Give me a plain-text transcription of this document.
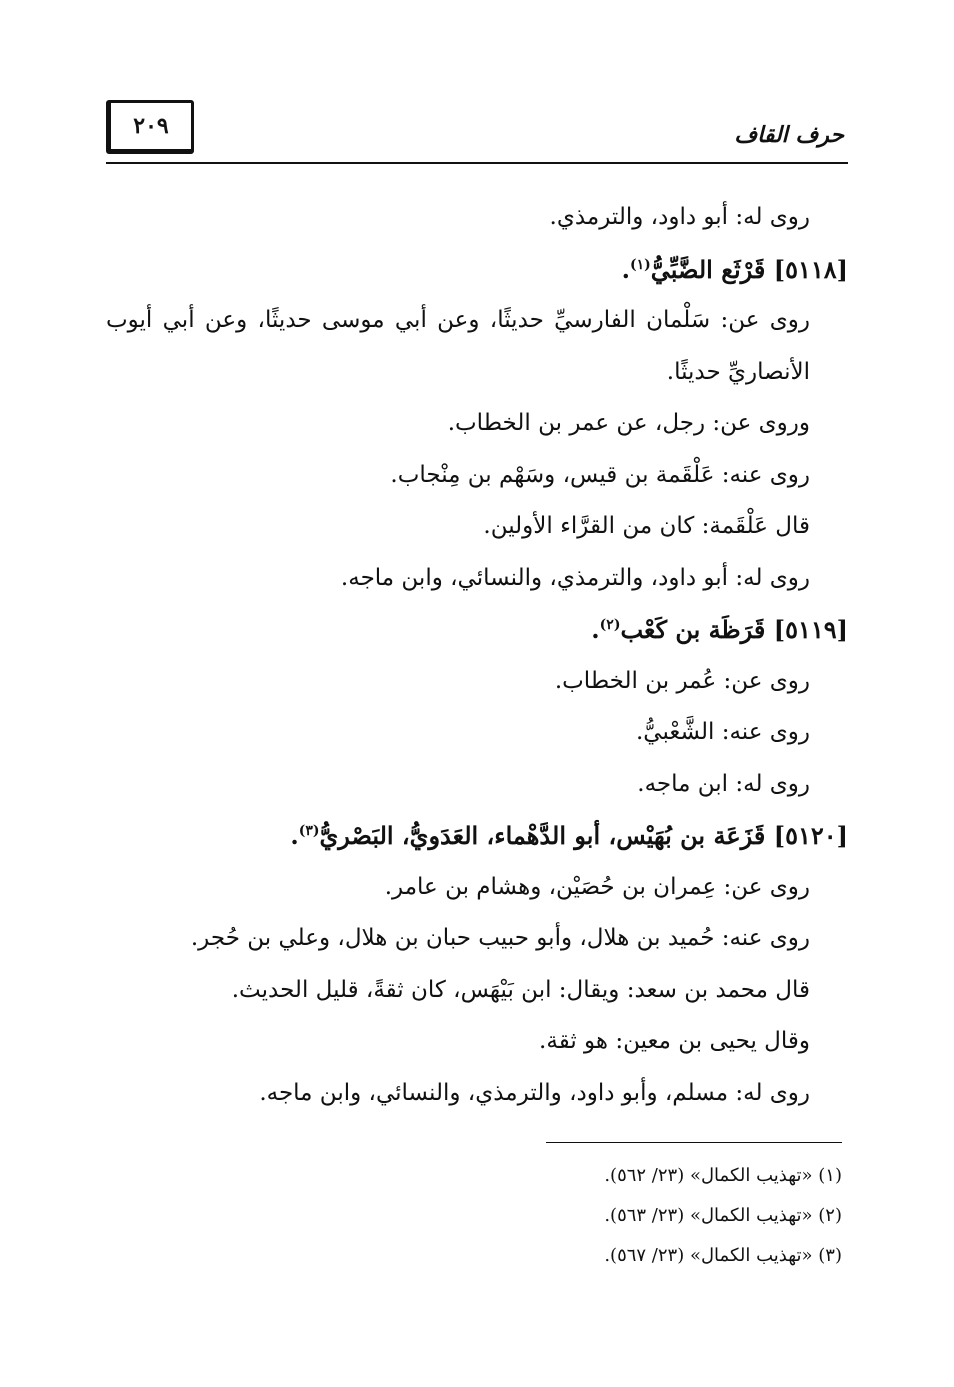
حرف القاف
٢٠٩
روى له: أبو داود، والترمذي.
[٥١١٨] قَرْثَع الضَّبِّيُّ$^{(١)}$.
روى عن: سَلْمان الفارسيِّ حديثًا، وعن أبي موسى حديثًا، وعن أبي أيوب الأنصاريِّ حديثًا.
وروى عن: رجل، عن عمر بن الخطاب.
روى عنه: عَلْقَمة بن قيس، وسَهْم بن مِنْجاب.
قال عَلْقَمة: كان من القرَّاء الأولين.
روى له: أبو داود، والترمذي، والنسائي، وابن ماجه.
[٥١١٩] قَرَظَة بن كَعْب$^{(٢)}$.
روى عن: عُمر بن الخطاب.
روى عنه: الشَّعْبيُّ.
روى له: ابن ماجه.
[٥١٢٠] قَزَعَة بن بُهَيْس، أبو الدَّهْماء، العَدَويُّ، البَصْريُّ$^{(٣)}$.
روى عن: عِمران بن حُصَيْن، وهشام بن عامر.
روى عنه: حُميد بن هلال، وأبو حبيب حبان بن هلال، وعلي بن حُجر.
قال محمد بن سعد: ويقال: ابن بَيْهَس، كان ثقةً، قليل الحديث.
وقال يحيى بن معين: هو ثقة.
روى له: مسلم، وأبو داود، والترمذي، والنسائي، وابن ماجه.
(١) «تهذيب الكمال» (٢٣/ ٥٦٢).
(٢) «تهذيب الكمال» (٢٣/ ٥٦٣).
(٣) «تهذيب الكمال» (٢٣/ ٥٦٧).
